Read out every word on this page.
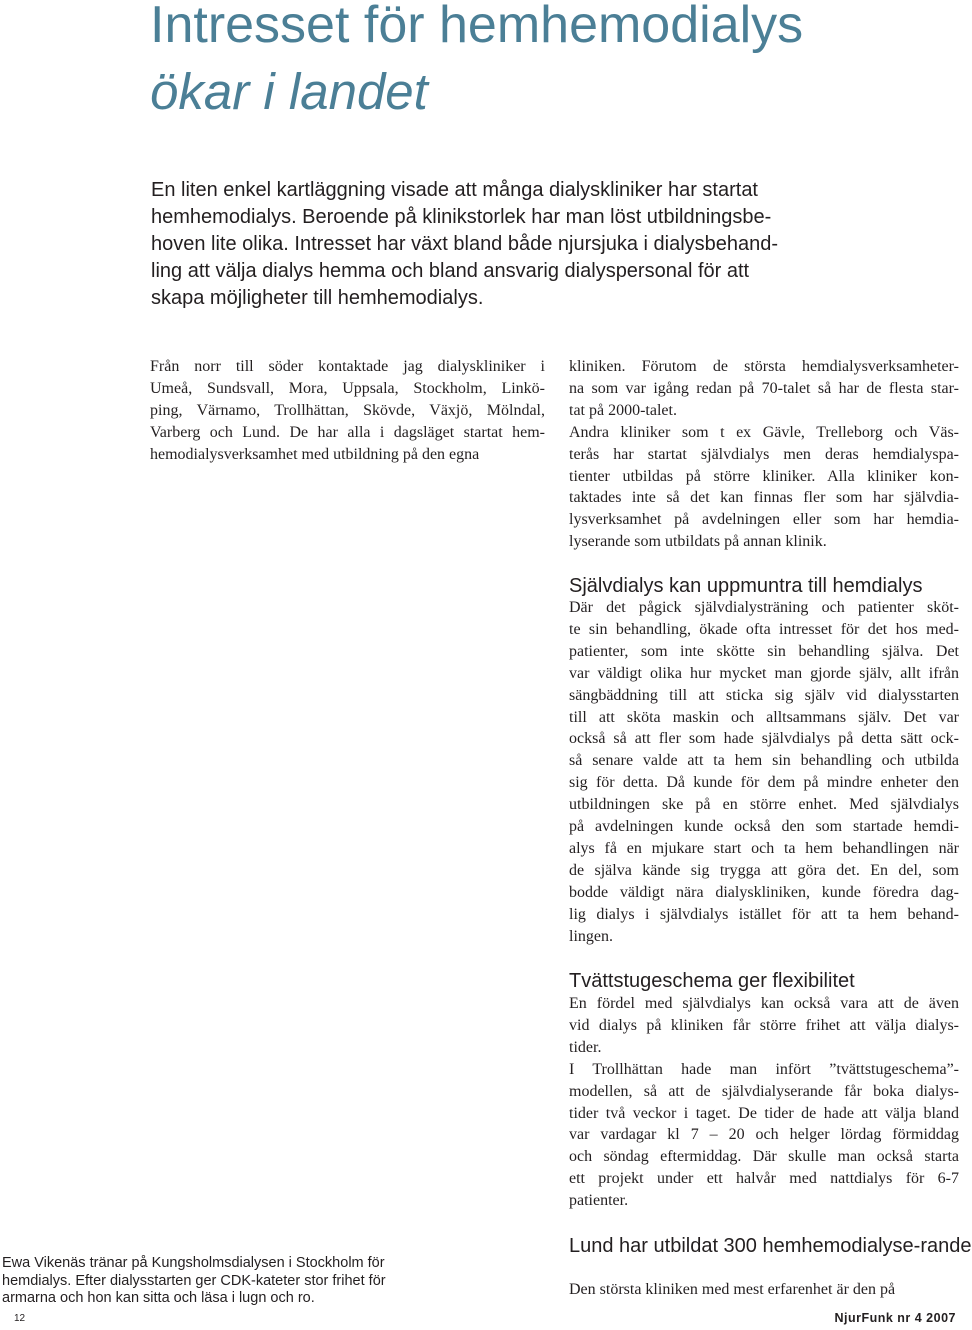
Intresset för hemhemodialys
ökar i landet
En liten enkel kartläggning visade att många dialyskliniker har startat
hemhemodialys. Beroende på klinikstorlek har man löst utbildningsbe-
hoven lite olika. Intresset har växt bland både njursjuka i dialysbehand-
ling att välja dialys hemma och bland ansvarig dialyspersonal för att
skapa möjligheter till hemhemodialys.
Från norr till söder kontaktade jag dialyskliniker i
Umeå, Sundsvall, Mora, Uppsala, Stockholm, Linkö-
ping, Värnamo, Trollhättan, Skövde, Växjö, Mölndal,
Varberg och Lund. De har alla i dagsläget startat hem-
hemodialysverksamhet med utbildning på den egna
kliniken. Förutom de största hemdialysverksamheter-
na som var igång redan på 70-talet så har de flesta star-
tat på 2000-talet.
Andra kliniker som t ex Gävle, Trelleborg och Väs-
terås har startat självdialys men deras hemdialyspa-
tienter utbildas på större kliniker. Alla kliniker kon-
taktades inte så det kan finnas fler som har självdia-
lysverksamhet på avdelningen eller som har hemdia-
lyserande som utbildats på annan klinik.
Självdialys kan uppmuntra till hemdialys
Där det pågick självdialysträning och patienter sköt-
te sin behandling, ökade ofta intresset för det hos med-
patienter, som inte skötte sin behandling själva. Det
var väldigt olika hur mycket man gjorde själv, allt ifrån
sängbäddning till att sticka sig själv vid dialysstarten
till att sköta maskin och alltsammans själv. Det var
också så att fler som hade självdialys på detta sätt ock-
så senare valde att ta hem sin behandling och utbilda
sig för detta. Då kunde för dem på mindre enheter den
utbildningen ske på en större enhet. Med självdialys
på avdelningen kunde också den som startade hemdi-
alys få en mjukare start och ta hem behandlingen när
de själva kände sig trygga att göra det. En del, som
bodde väldigt nära dialyskliniken, kunde föredra dag-
lig dialys i självdialys istället för att ta hem behand-
lingen.
Tvättstugeschema ger flexibilitet
En fördel med självdialys kan också vara att de även
vid dialys på kliniken får större frihet att välja dialys-
tider.
I Trollhättan hade man infört ”tvättstugeschema”-
modellen, så att de självdialyserande får boka dialys-
tider två veckor i taget. De tider de hade att välja bland
var vardagar kl 7 – 20 och helger lördag förmiddag
och söndag eftermiddag. Där skulle man också starta
ett projekt under ett halvår med nattdialys för 6-7
patienter.
Lund har utbildat 300 hemhemodialyse-rande
Den största kliniken med mest erfarenhet är den på
Ewa Vikenäs tränar på Kungsholmsdialysen i Stockholm för
hemdialys. Efter dialysstarten ger CDK-kateter stor frihet för
armarna och hon kan sitta och läsa i lugn och ro.
12	NjurFunk nr 4 2007
